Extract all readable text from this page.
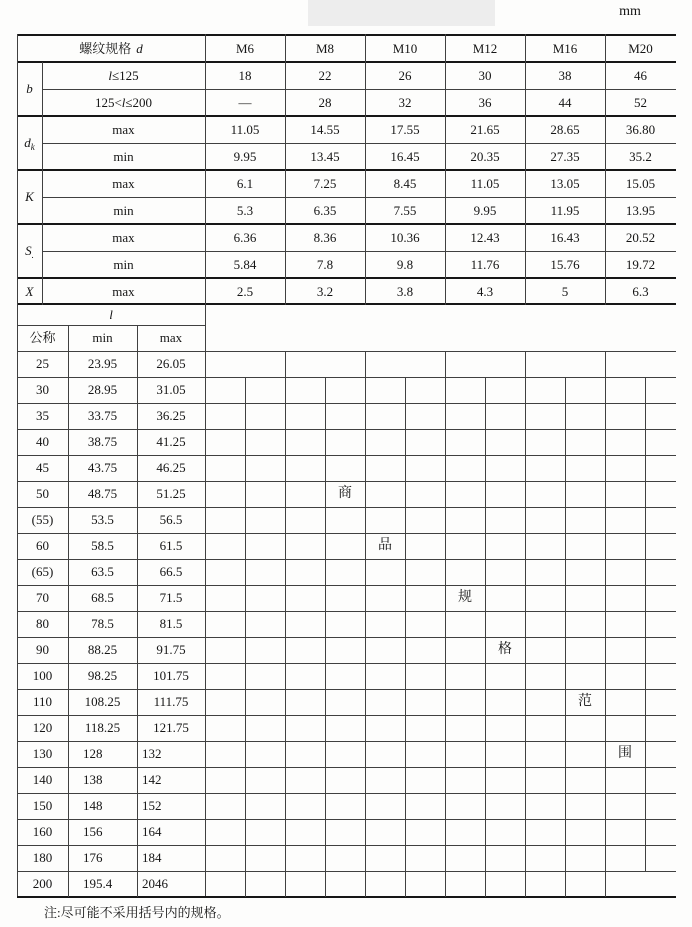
mm
螺纹规格 d	M6	M8	M10	M12	M16	M20
b
l≤125	18	22	26	30	38	46
125<l≤200	—	28	32	36	44	52
$d_k$
max	11.05	14.55	17.55	21.65	28.65	36.80
min	9.95	13.45	16.45	20.35	27.35	35.2
K
max	6.1	7.25	8.45	11.05	13.05	15.05
min	5.3	6.35	7.55	9.95	11.95	13.95
$S_.$
max	6.36	8.36	10.36	12.43	16.43	20.52
min	5.84	7.8	9.8	11.76	15.76	19.72
X	max	2.5	3.2	3.8	4.3	5	6.3
l
公称	min	max
25	23.95	26.05
30	28.95	31.05
35	33.75	36.25
40	38.75	41.25
45	43.75	46.25
50	48.75	51.25
(55)	53.5	56.5
60	58.5	61.5
(65)	63.5	66.5
70	68.5	71.5
80	78.5	81.5
90	88.25	91.75
100	98.25	101.75
110	108.25	111.75
120	118.25	121.75
130	128	132
140	138	142
150	148	152
160	156	164
180	176	184
200	195.4	2046
商
品
规
格
范
围
注:尽可能不采用括号内的规格。
